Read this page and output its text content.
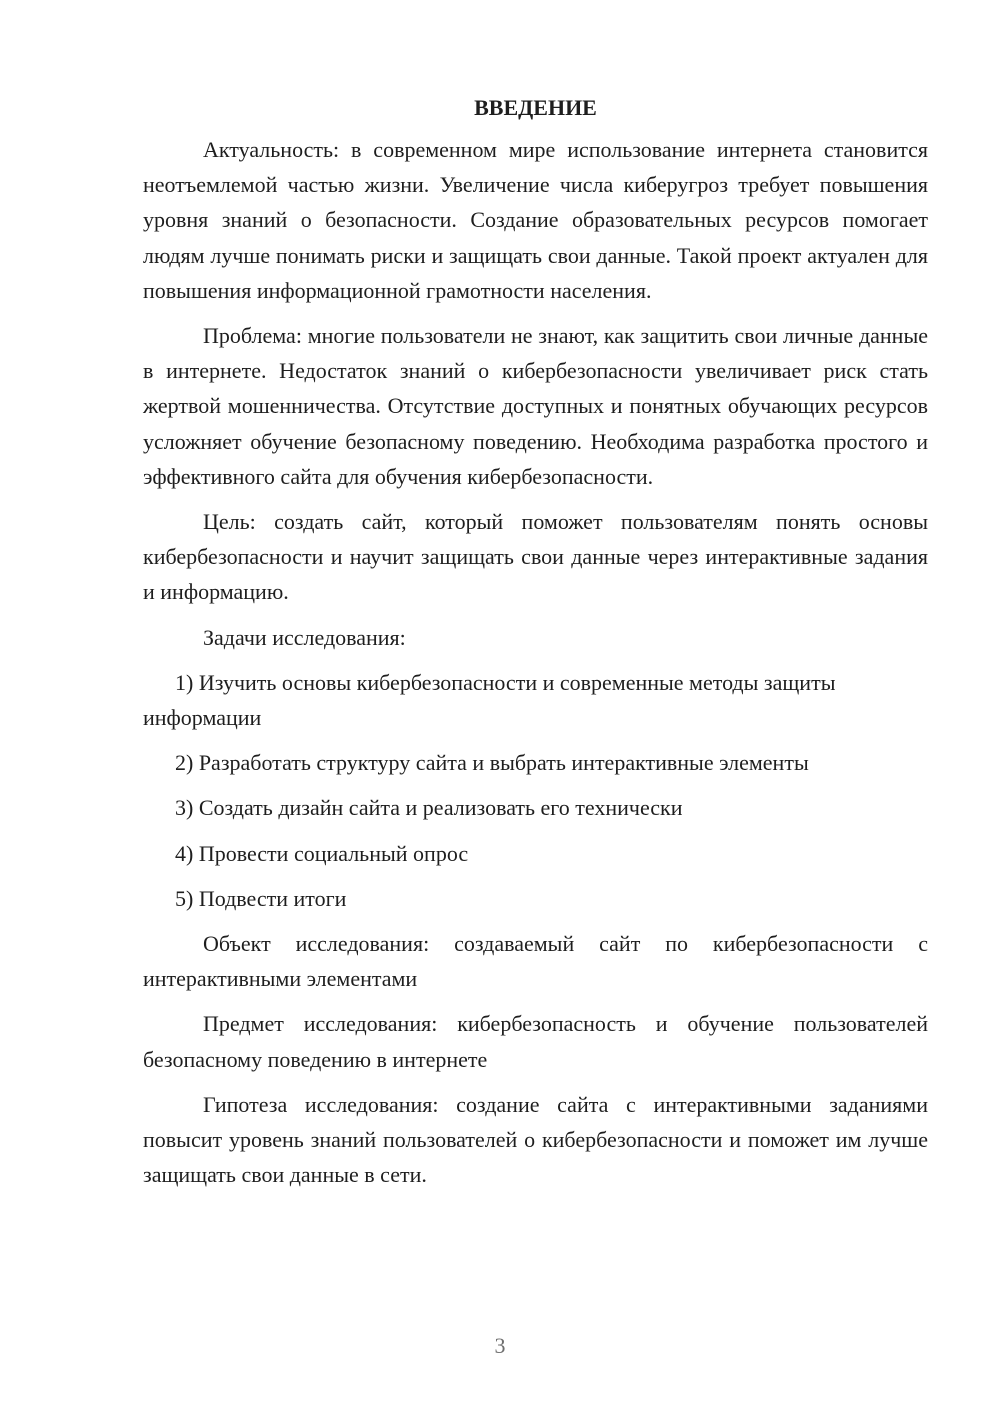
ВВЕДЕНИЕ

Актуальность: в современном мире использование интернета становится неотъемлемой частью жизни. Увеличение числа киберугроз требует повышения уровня знаний о безопасности. Создание образовательных ресурсов помогает людям лучше понимать риски и защищать свои данные. Такой проект актуален для повышения информационной грамотности населения.

Проблема: многие пользователи не знают, как защитить свои личные данные в интернете. Недостаток знаний о кибербезопасности увеличивает риск стать жертвой мошенничества. Отсутствие доступных и понятных обучающих ресурсов усложняет обучение безопасному поведению. Необходима разработка простого и эффективного сайта для обучения кибербезопасности.

Цель: создать сайт, который поможет пользователям понять основы кибербезопасности и научит защищать свои данные через интерактивные задания и информацию.

Задачи исследования:

1) Изучить основы кибербезопасности и современные методы защиты информации

2) Разработать структуру сайта и выбрать интерактивные элементы

3) Создать дизайн сайта и реализовать его технически

4) Провести социальный опрос

5) Подвести итоги

Объект исследования: создаваемый сайт по кибербезопасности с интерактивными элементами

Предмет исследования: кибербезопасность и обучение пользователей безопасному поведению в интернете

Гипотеза исследования: создание сайта с интерактивными заданиями повысит уровень знаний пользователей о кибербезопасности и поможет им лучше защищать свои данные в сети.

3
